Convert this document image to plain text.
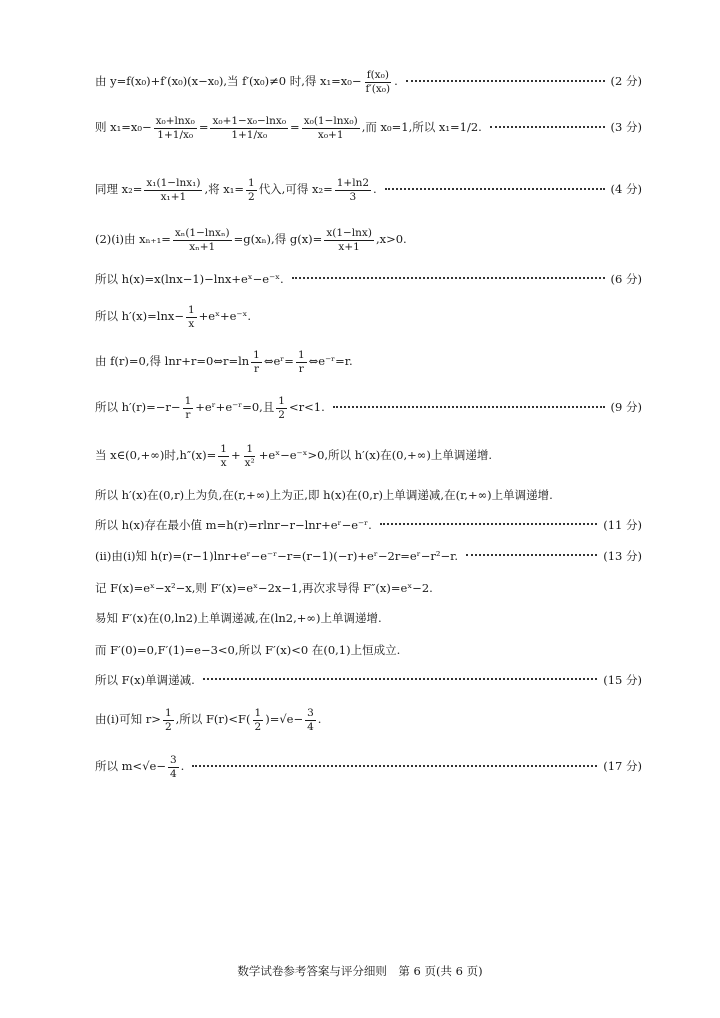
由 y=f(x₀)+f′(x₀)(x−x₀),当 f′(x₀)≠0 时,得 $x_1=x_0- \frac{\text{f(x₀)}}{\text{f′(x₀)}}$ .	(2 分)
则 $x_1=x_0- \frac{\text{x₀+lnx₀}}{\text{1+1/x₀}} = \frac{\text{x₀+1−x₀−lnx₀}}{\text{1+1/x₀}} = \frac{\text{x₀(1−lnx₀)}}{\text{x₀+1}}$ ,而 x₀=1,所以 x₁=1/2.	(3 分)
同理 $x_2= \frac{\text{x₁(1−lnx₁)}}{\text{x₁+1}}$ ,将 $x_1= \frac{1}{2}$ 代入,可得 $x_2= \frac{1+\ln 2}{3}$ .	(4 分)
(2)(i)由 $x_{n+1}= \frac{\text{xₙ(1−lnxₙ)}}{\text{xₙ+1}} =g(x_n)$,得 $g(x)= \frac{x(1-\ln x)}{x+1} ,x>0$.
所以 h(x)=x(lnx−1)−lnx+eˣ−e⁻ˣ.	(6 分)
所以 $h'(x)=\ln x- \frac{1}{x}$ +eˣ+e⁻ˣ.
由 f(r)=0,得 lnr+r=0⇔r=ln $\frac{1}{r}$ ⇔eʳ= $\frac{1}{r}$ ⇔e⁻ʳ=r.
所以 $h'(r)=-r- \frac{1}{r}$ +eʳ+e⁻ʳ=0,且 $\frac{1}{2} <r<1$.	(9 分)
当 x∈(0,+∞)时$,h''(x)= \frac{1}{x} + \frac{1}{\text{x²}}$ +eˣ−e⁻ˣ>0,所以 h′(x)在(0,+∞)上单调递增.
所以 h′(x)在(0,r)上为负,在(r,+∞)上为正,即 h(x)在(0,r)上单调递减,在(r,+∞)上单调递增.
所以 h(x)存在最小值 m=h(r)=rlnr−r−lnr+eʳ−e⁻ʳ.	(11 分)
(ii)由(i)知 h(r)=(r−1)lnr+eʳ−e⁻ʳ−r=(r−1)(−r)+eʳ−2r=eʳ−r²−r.	(13 分)
记 F(x)=eˣ−x²−x,则 F′(x)=eˣ−2x−1,再次求导得 F″(x)=eˣ−2.
易知 F′(x)在(0,ln2)上单调递减,在(ln2,+∞)上单调递增.
而 F′(0)=0,F′(1)=e−3<0,所以 F′(x)<0 在(0,1)上恒成立.
所以 F(x)单调递减.	(15 分)
由(i)可知 $r> \frac{1}{2}$ ,所以 $F(r)<F( \frac{1}{2} )=√e- \frac{3}{4}$ .
所以 $m<√e- \frac{3}{4}$ .	(17 分)
数学试卷参考答案与评分细则　第 6 页(共 6 页)
